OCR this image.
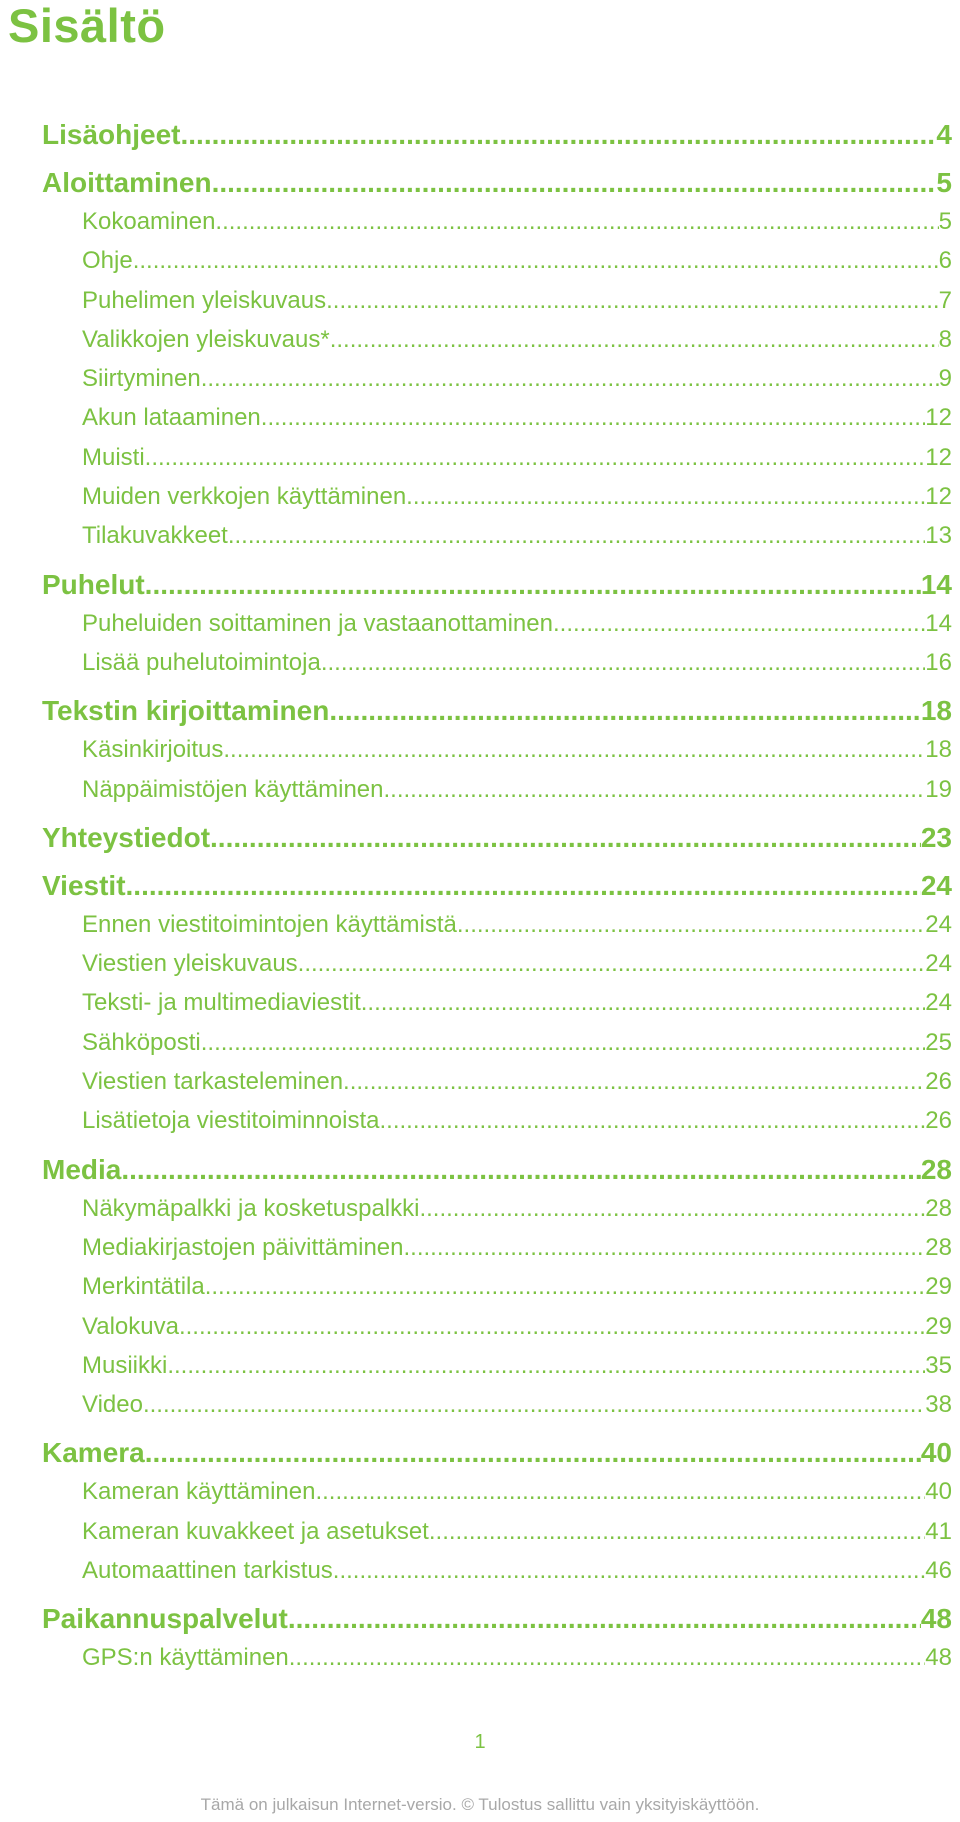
Sisältö
Lisäohjeet .....	4
Aloittaminen .....	5
Kokoaminen .....	5
Ohje .....	6
Puhelimen yleiskuvaus .....	7
Valikkojen yleiskuvaus* .....	8
Siirtyminen .....	9
Akun lataaminen .....	12
Muisti .....	12
Muiden verkkojen käyttäminen .....	12
Tilakuvakkeet .....	13
Puhelut .....	14
Puheluiden soittaminen ja vastaanottaminen .....	14
Lisää puhelutoimintoja .....	16
Tekstin kirjoittaminen .....	18
Käsinkirjoitus .....	18
Näppäimistöjen käyttäminen .....	19
Yhteystiedot .....	23
Viestit .....	24
Ennen viestitoimintojen käyttämistä .....	24
Viestien yleiskuvaus .....	24
Teksti- ja multimediaviestit .....	24
Sähköposti .....	25
Viestien tarkasteleminen .....	26
Lisätietoja viestitoiminnoista .....	26
Media .....	28
Näkymäpalkki ja kosketuspalkki .....	28
Mediakirjastojen päivittäminen .....	28
Merkintätila .....	29
Valokuva .....	29
Musiikki .....	35
Video .....	38
Kamera .....	40
Kameran käyttäminen .....	40
Kameran kuvakkeet ja asetukset .....	41
Automaattinen tarkistus .....	46
Paikannuspalvelut .....	48
GPS:n käyttäminen .....	48
1
Tämä on julkaisun Internet-versio. © Tulostus sallittu vain yksityiskäyttöön.
